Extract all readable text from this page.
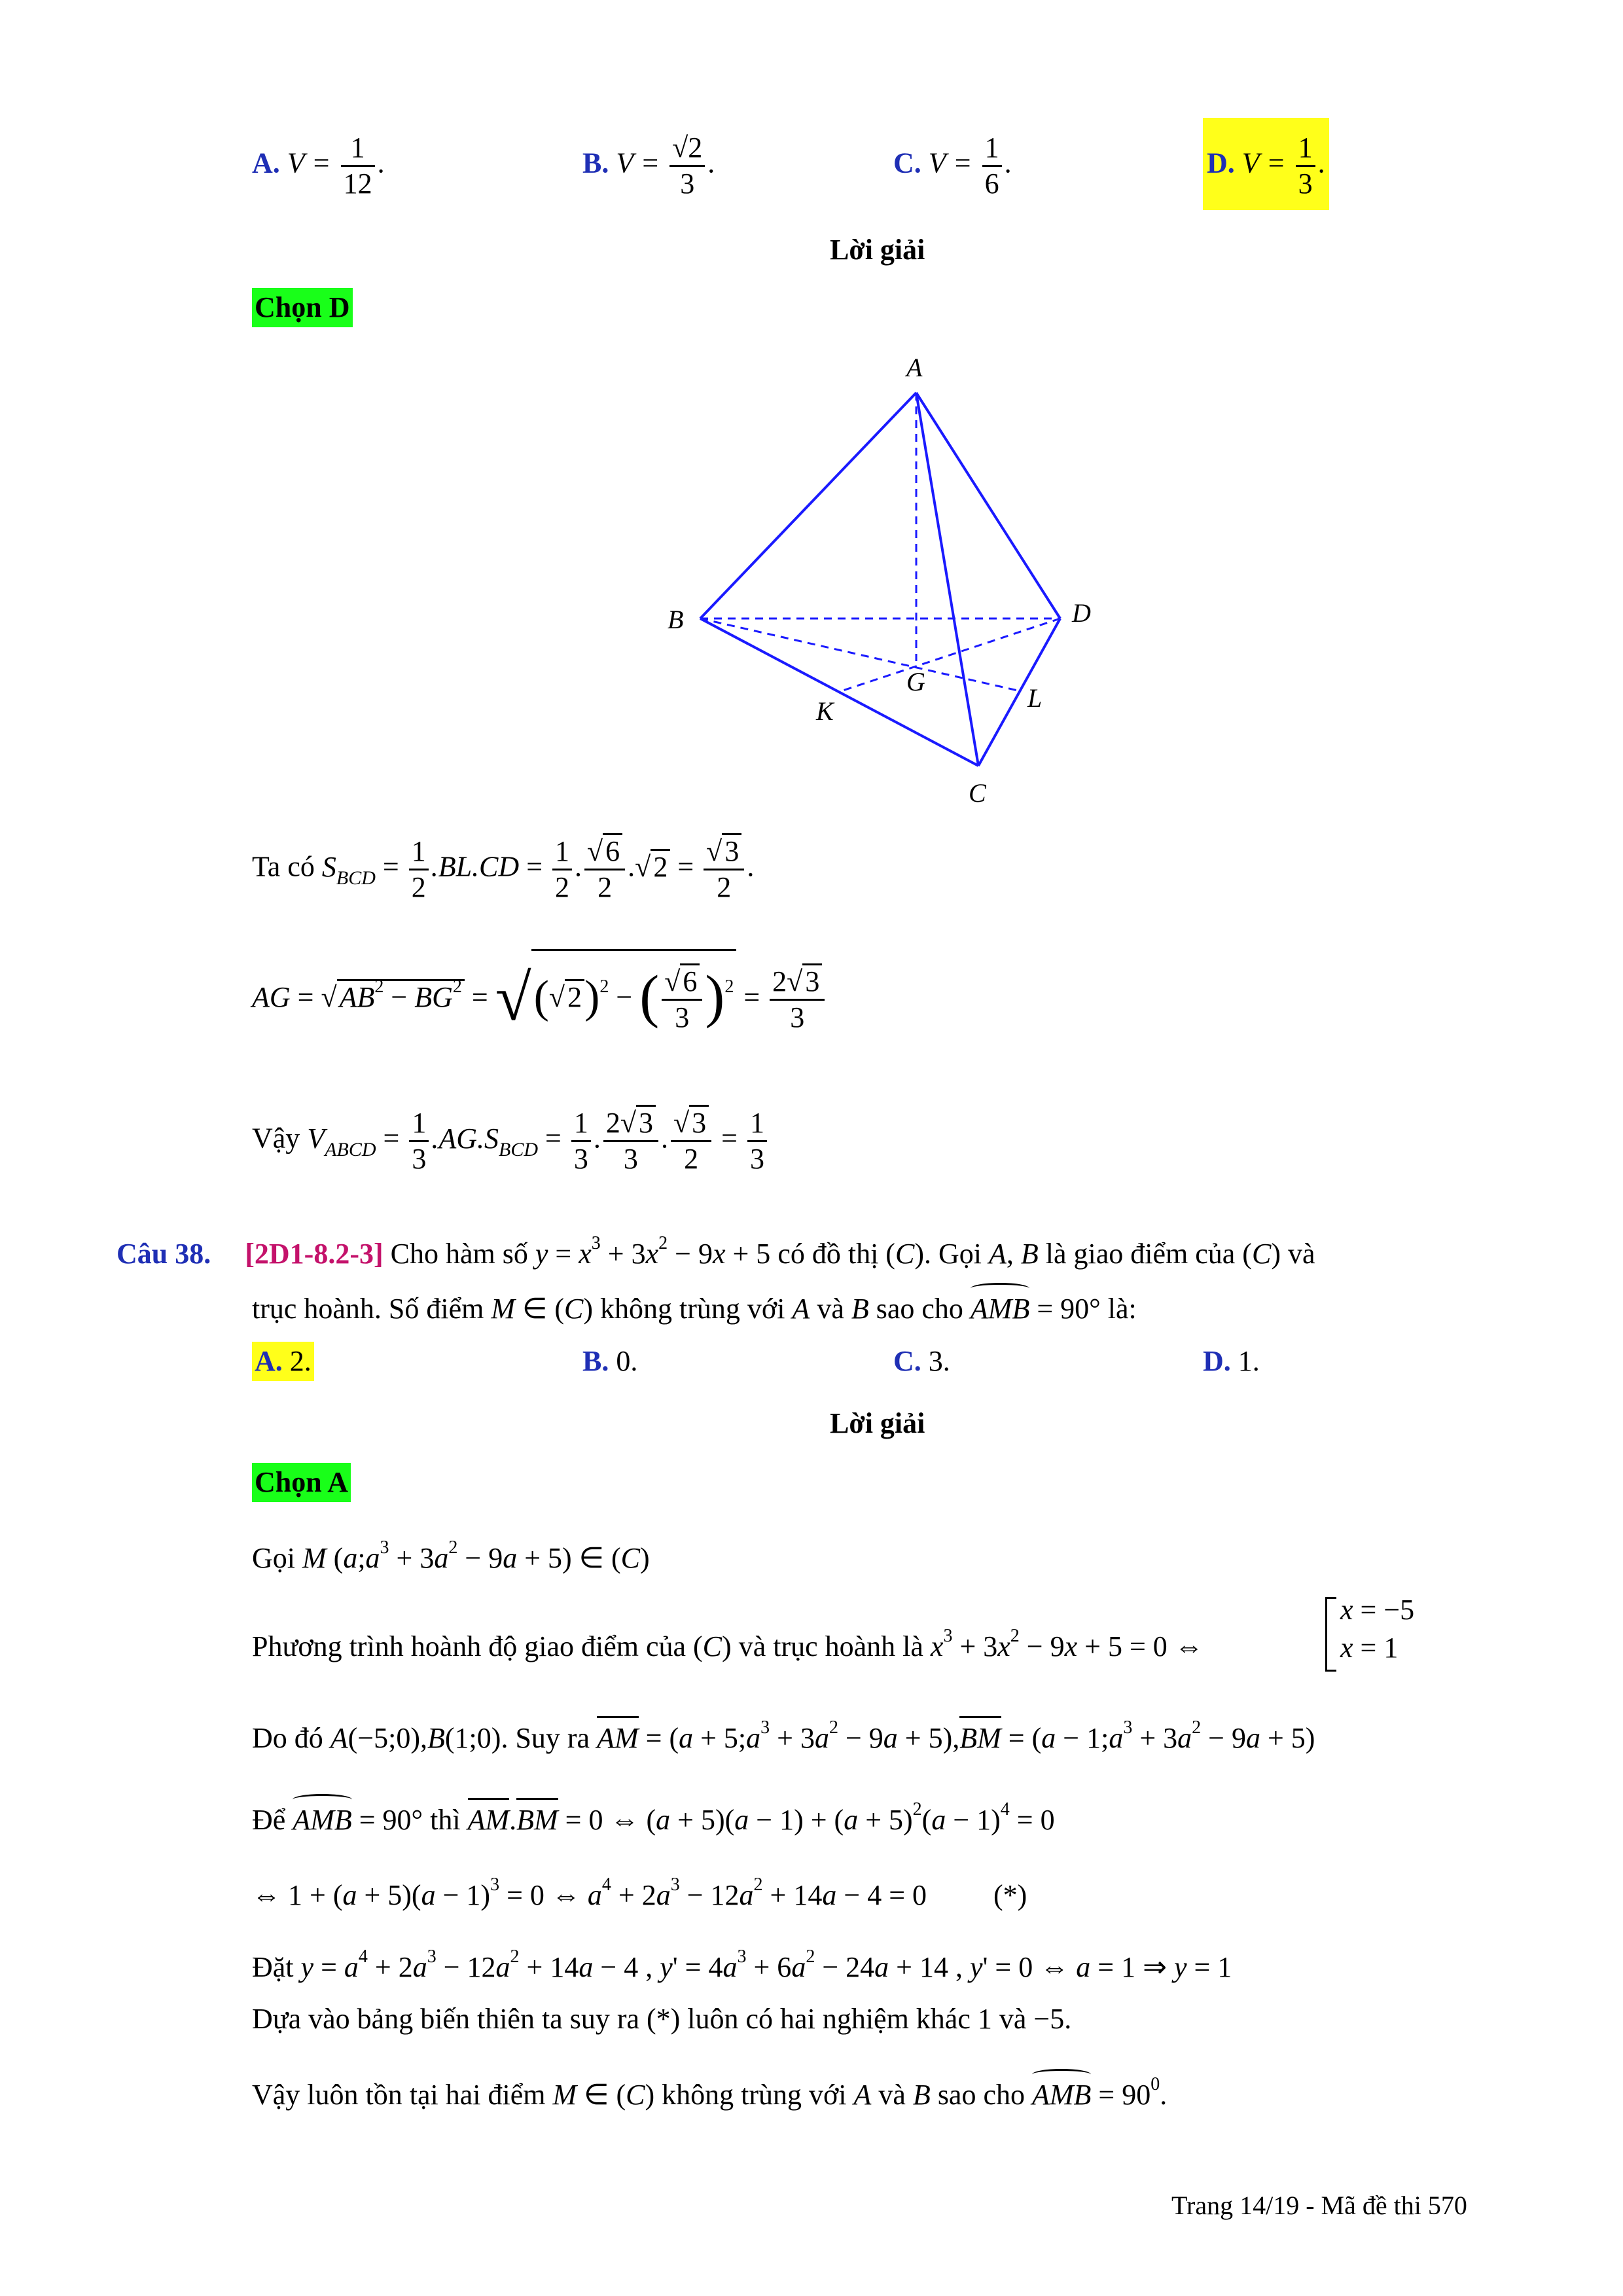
A. $V = \frac{1}{12}$ .	B. $V = \frac{√2}{3}$ .	C. $V = \frac{1}{6}$ .	D. $V = \frac{1}{3}$ .
Lời giải
Chọn D
A
B	D
G
K	L
C
Ta có $S_{BCD} = \frac{1}{2} .BL.CD = \frac{1}{2}$ . √ $\frac{6}{2}$ . √ 2 = √ $\frac{3}{2}$ .
AG = √ $AB^2 - BG^2$ = √( √ 2)$^2$ − ( √ $\frac{6}{3} )^2 = \frac{2 √ 3}{3}$
Vậy $V_{ABCD} = \frac{1}{3} .AG.S_{BCD} = \frac{1}{3}$ . $\frac{2 √ 3}{3}$ . √ $\frac{3}{2} = \frac{1}{3}$
Câu 38. [2D1-8.2-3] Cho hàm số $y = x^3 + 3x^2 - 9x + 5$ có đồ thị (C). Gọi A, B là giao điểm của (C) và
trục hoành. Số điểm M ∈ (C) không trùng với A và B sao cho AMB = 90° là:
A. 2.	B. 0.	C. 3.	D. 1.
Lời giải
Chọn A
Gọi M $(a;a^3 + 3a^2 - 9a + 5)$ ∈ (C)
Phương trình hoành độ giao điểm của (C) và trục hoành là $x^3 + 3x^2 - 9x + 5 = 0$ ⇔
x = −5
x = 1
Do đó A(−5;0),B(1;0). Suy ra AM = $(a + 5;a^3 + 3a^2 - 9a + 5),BM = (a$ − $1;a^3 + 3a^2 - 9a + 5$)
Để AMB = 90° thì AM.BM = 0 ⇔ $(a + 5)(a - 1) + (a + 5)^2(a - 1)^4 = 0$
⇔ $1 + (a + 5)(a - 1)^3 = 0$ ⇔ $a^4 + 2a^3 - 12a^2 + 14a - 4 = 0$  (*)
Đặt $y = a^4 + 2a^3 - 12a^2 + 14a - 4$ , $y' = 4a^3 + 6a^2 - 24a + 14$ , y' = 0 ⇔ a = 1 ⇒ y = 1
Dựa vào bảng biến thiên ta suy ra (*) luôn có hai nghiệm khác 1 và −5.
Vậy luôn tồn tại hai điểm M ∈ (C) không trùng với A và B sao cho AMB = $90^0$.
Trang 14/19 - Mã đề thi 570
